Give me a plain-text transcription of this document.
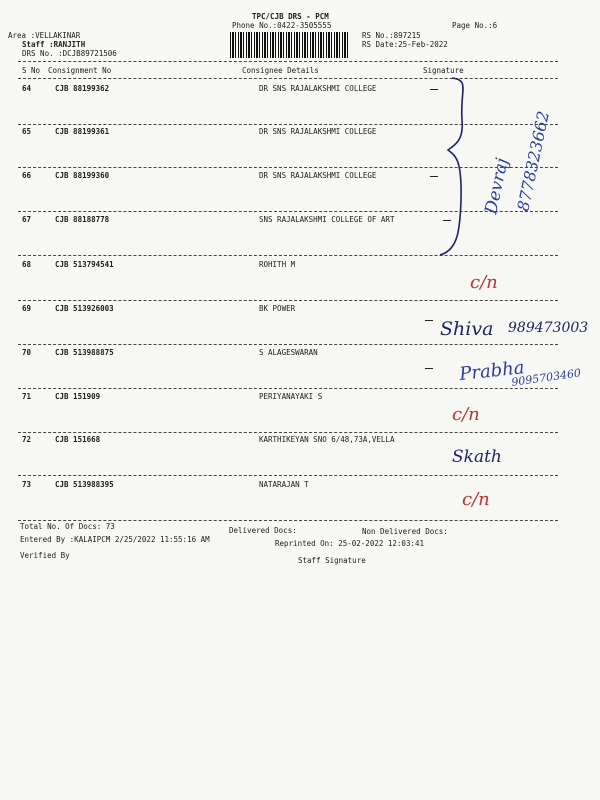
TPC/CJB DRS - PCM
Phone No.:0422-3505555	Page No.:6
Area :VELLAKINAR
Staff :RANJITH
DRS No. :DCJB89721506
RS No.:897215
RS Date:25-Feb-2022
S No Consignment No	Consignee Details	Signature
64	CJB 88199362	DR SNS RAJALAKSHMI COLLEGE
65	CJB 88199361	DR SNS RAJALAKSHMI COLLEGE
66	CJB 88199360	DR SNS RAJALAKSHMI COLLEGE
67	CJB 88188778	SNS RAJALAKSHMI COLLEGE OF ART
68	CJB 513794541	ROHITH M
69	CJB 513926003	BK POWER
70	CJB 513988875	S ALAGESWARAN
71	CJB 151909	PERIYANAYAKI S
72	CJB 151668	KARTHIKEYAN SNO 6/48,73A,VELLA
73	CJB 513988395	NATARAJAN T
Total No. Of Docs: 73	Delivered Docs:	Non Delivered Docs:
Entered By :KALAIPCM 2/25/2022 11:55:16 AM	Reprinted On: 25-02-2022 12:03:41
Verified By
Staff Signature
Devraj 8778323662
c/n
Shiva 989473003
Prabha
9095703460
c/n
Skath
c/n
